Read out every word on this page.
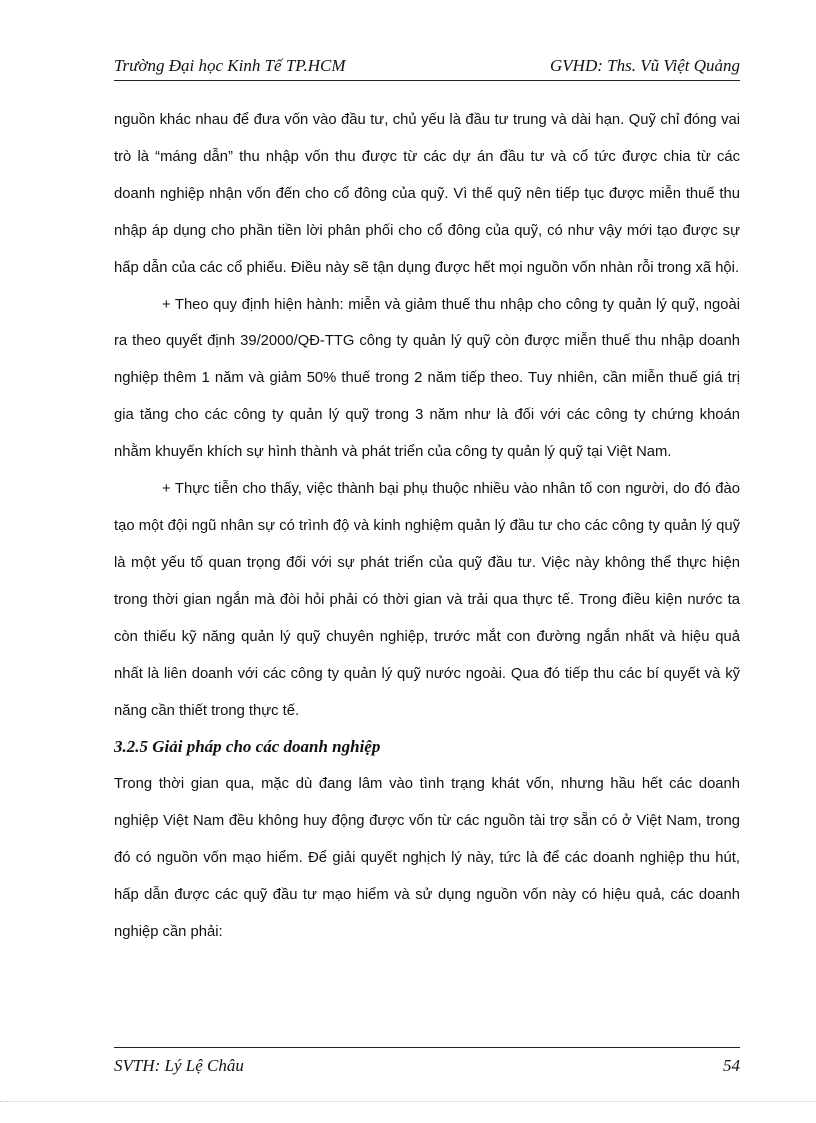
Trường Đại học Kinh Tế TP.HCM	GVHD: Ths. Vũ Việt Quảng

nguồn khác nhau để đưa vốn vào đầu tư, chủ yếu là đầu tư trung và dài hạn. Quỹ chỉ đóng vai trò là “máng dẫn” thu nhập vốn thu được từ các dự án đầu tư và cổ tức được chia từ các doanh nghiệp nhận vốn đến cho cổ đông của quỹ. Vì thế quỹ nên tiếp tục được miễn thuế thu nhập áp dụng cho phần tiền lời phân phối cho cổ đông của quỹ, có như vậy mới tạo được sự hấp dẫn của các cổ phiếu. Điều này sẽ tận dụng được hết mọi nguồn vốn nhàn rỗi trong xã hội.

+ Theo quy định hiện hành: miễn và giảm thuế thu nhập cho công ty quản lý quỹ, ngoài ra theo quyết định 39/2000/QĐ-TTG công ty quản lý quỹ còn được miễn thuế thu nhập doanh nghiệp thêm 1 năm và giảm 50% thuế trong 2 năm tiếp theo. Tuy nhiên, cần miễn thuế giá trị gia tăng cho các công ty quản lý quỹ trong 3 năm như là đối với các công ty chứng khoán nhằm khuyến khích sự hình thành và phát triển của công ty quản lý quỹ tại Việt Nam.

+ Thực tiễn cho thấy, việc thành bại phụ thuộc nhiều vào nhân tố con người, do đó đào tạo một đội ngũ nhân sự có trình độ và kinh nghiệm quản lý đầu tư cho các công ty quản lý quỹ là một yếu tố quan trọng đối với sự phát triển của quỹ đầu tư. Việc này không thể thực hiện trong thời gian ngắn mà đòi hỏi phải có thời gian và trải qua thực tế. Trong điều kiện nước ta còn thiếu kỹ năng quản lý quỹ chuyên nghiệp, trước mắt con đường ngắn nhất và hiệu quả nhất là liên doanh với các công ty quản lý quỹ nước ngoài. Qua đó tiếp thu các bí quyết và kỹ năng cần thiết trong thực tế.

3.2.5 Giải pháp cho các doanh nghiệp

Trong thời gian qua, mặc dù đang lâm vào tình trạng khát vốn, nhưng hầu hết các doanh nghiệp Việt Nam đều không huy động được vốn từ các nguồn tài trợ sẵn có ở Việt Nam, trong đó có nguồn vốn mạo hiểm. Để giải quyết nghịch lý này, tức là để các doanh nghiệp thu hút, hấp dẫn được các quỹ đầu tư mạo hiểm và sử dụng nguồn vốn này có hiệu quả, các doanh nghiệp cần phải:

SVTH: Lý Lệ Châu	54
